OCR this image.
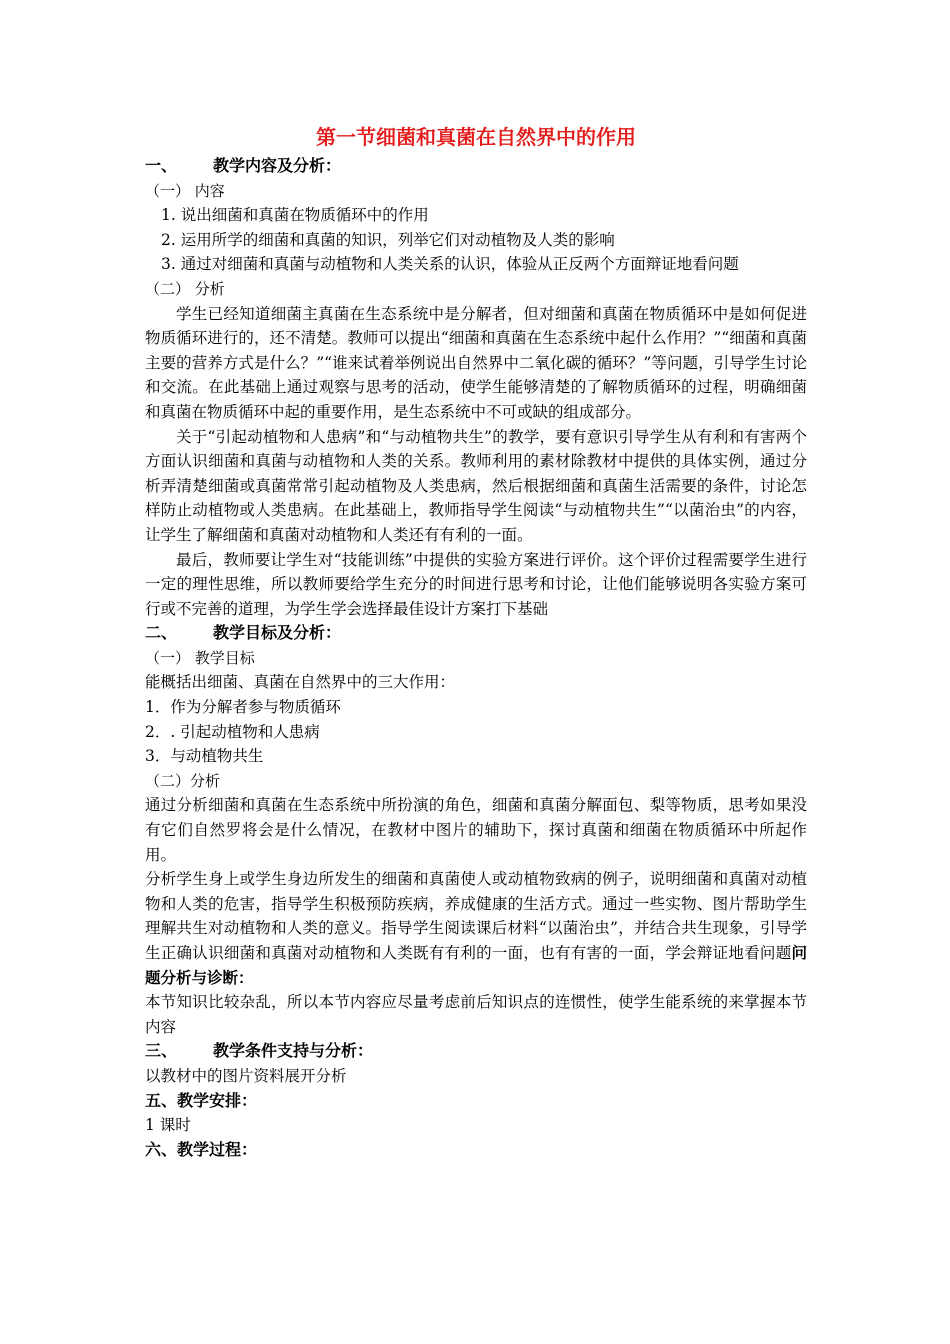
第一节细菌和真菌在自然界中的作用
一、 教学内容及分析：
（一） 内容
1. 说出细菌和真菌在物质循环中的作用
2. 运用所学的细菌和真菌的知识，列举它们对动植物及人类的影响
3. 通过对细菌和真菌与动植物和人类关系的认识，体验从正反两个方面辩证地看问题
（二） 分析
学生已经知道细菌主真菌在生态系统中是分解者，但对细菌和真菌在物质循环中是如何促进物质循环进行的，还不清楚。教师可以提出“细菌和真菌在生态系统中起什么作用？”“细菌和真菌主要的营养方式是什么？”“谁来试着举例说出自然界中二氧化碳的循环？”等问题，引导学生讨论和交流。在此基础上通过观察与思考的活动，使学生能够清楚的了解物质循环的过程，明确细菌和真菌在物质循环中起的重要作用，是生态系统中不可或缺的组成部分。
关于“引起动植物和人患病”和“与动植物共生”的教学，要有意识引导学生从有利和有害两个方面认识细菌和真菌与动植物和人类的关系。教师利用的素材除教材中提供的具体实例，通过分析弄清楚细菌或真菌常常引起动植物及人类患病，然后根据细菌和真菌生活需要的条件，讨论怎样防止动植物或人类患病。在此基础上，教师指导学生阅读“与动植物共生”“以菌治虫”的内容，让学生了解细菌和真菌对动植物和人类还有有利的一面。
最后，教师要让学生对“技能训练”中提供的实验方案进行评价。这个评价过程需要学生进行一定的理性思维，所以教师要给学生充分的时间进行思考和讨论，让他们能够说明各实验方案可行或不完善的道理，为学生学会选择最佳设计方案打下基础
二、 教学目标及分析：
（一） 教学目标
能概括出细菌、真菌在自然界中的三大作用：
1．作为分解者参与物质循环
2．. 引起动植物和人患病
3．与动植物共生
（二）分析
通过分析细菌和真菌在生态系统中所扮演的角色，细菌和真菌分解面包、梨等物质，思考如果没有它们自然罗将会是什么情况，在教材中图片的辅助下，探讨真菌和细菌在物质循环中所起作用。
分析学生身上或学生身边所发生的细菌和真菌使人或动植物致病的例子，说明细菌和真菌对动植物和人类的危害，指导学生积极预防疾病，养成健康的生活方式。通过一些实物、图片帮助学生理解共生对动植物和人类的意义。指导学生阅读课后材料“以菌治虫”，并结合共生现象，引导学生正确认识细菌和真菌对动植物和人类既有有利的一面，也有有害的一面，学会辩证地看问题问题分析与诊断：
本节知识比较杂乱，所以本节内容应尽量考虑前后知识点的连惯性，使学生能系统的来掌握本节内容
三、 教学条件支持与分析：
以教材中的图片资料展开分析
五、教学安排：
1 课时
六、教学过程：
